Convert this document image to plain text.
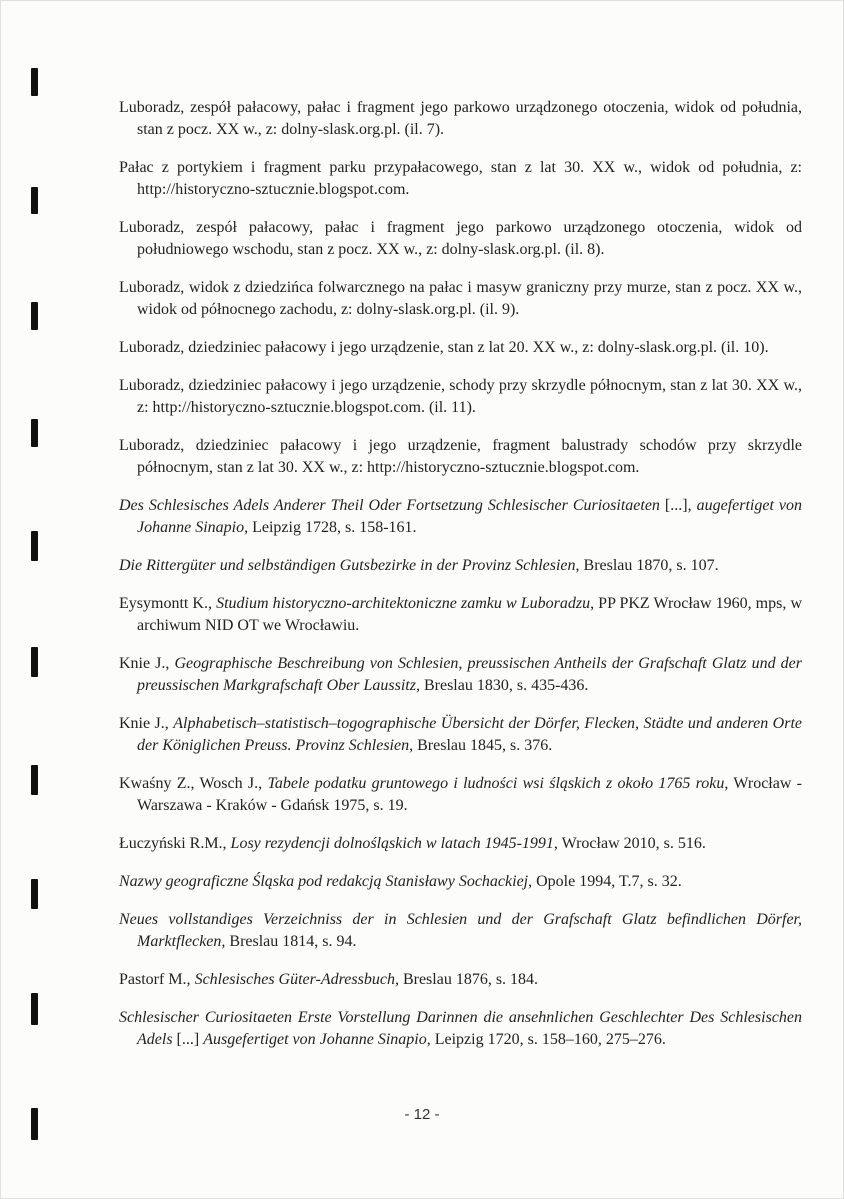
Luboradz, zespół pałacowy, pałac i fragment jego parkowo urządzonego otoczenia, widok od południa, stan z pocz. XX w., z: dolny-slask.org.pl. (il. 7).

Pałac z portykiem i fragment parku przypałacowego, stan z lat 30. XX w., widok od południa, z: http://historyczno-sztucznie.blogspot.com.

Luboradz, zespół pałacowy, pałac i fragment jego parkowo urządzonego otoczenia, widok od południowego wschodu, stan z pocz. XX w., z: dolny-slask.org.pl. (il. 8).

Luboradz, widok z dziedzińca folwarcznego na pałac i masyw graniczny przy murze, stan z pocz. XX w., widok od północnego zachodu, z: dolny-slask.org.pl. (il. 9).

Luboradz, dziedziniec pałacowy i jego urządzenie, stan z lat 20. XX w., z: dolny-slask.org.pl. (il. 10).

Luboradz, dziedziniec pałacowy i jego urządzenie, schody przy skrzydle północnym, stan z lat 30. XX w., z: http://historyczno-sztucznie.blogspot.com. (il. 11).

Luboradz, dziedziniec pałacowy i jego urządzenie, fragment balustrady schodów przy skrzydle północnym, stan z lat 30. XX w., z: http://historyczno-sztucznie.blogspot.com.

Des Schlesisches Adels Anderer Theil Oder Fortsetzung Schlesischer Curiositaeten [...], augefertiget von Johanne Sinapio, Leipzig 1728, s. 158-161.

Die Rittergüter und selbständigen Gutsbezirke in der Provinz Schlesien, Breslau 1870, s. 107.

Eysymontt K., Studium historyczno-architektoniczne zamku w Luboradzu, PP PKZ Wrocław 1960, mps, w archiwum NID OT we Wrocławiu.

Knie J., Geographische Beschreibung von Schlesien, preussischen Antheils der Grafschaft Glatz und der preussischen Markgrafschaft Ober Laussitz, Breslau 1830, s. 435-436.

Knie J., Alphabetisch–statistisch–togographische Übersicht der Dörfer, Flecken, Städte und anderen Orte der Königlichen Preuss. Provinz Schlesien, Breslau 1845, s. 376.

Kwaśny Z., Wosch J., Tabele podatku gruntowego i ludności wsi śląskich z około 1765 roku, Wrocław - Warszawa - Kraków - Gdańsk 1975, s. 19.

Łuczyński R.M., Losy rezydencji dolnośląskich w latach 1945-1991, Wrocław 2010, s. 516.

Nazwy geograficzne Śląska pod redakcją Stanisławy Sochackiej, Opole 1994, T.7, s. 32.

Neues vollstandiges Verzeichniss der in Schlesien und der Grafschaft Glatz befindlichen Dörfer, Marktflecken, Breslau 1814, s. 94.

Pastorf M., Schlesisches Güter-Adressbuch, Breslau 1876, s. 184.

Schlesischer Curiositaeten Erste Vorstellung Darinnen die ansehnlichen Geschlechter Des Schlesischen Adels [...] Ausgefertiget von Johanne Sinapio, Leipzig 1720, s. 158–160, 275–276.

- 12 -
